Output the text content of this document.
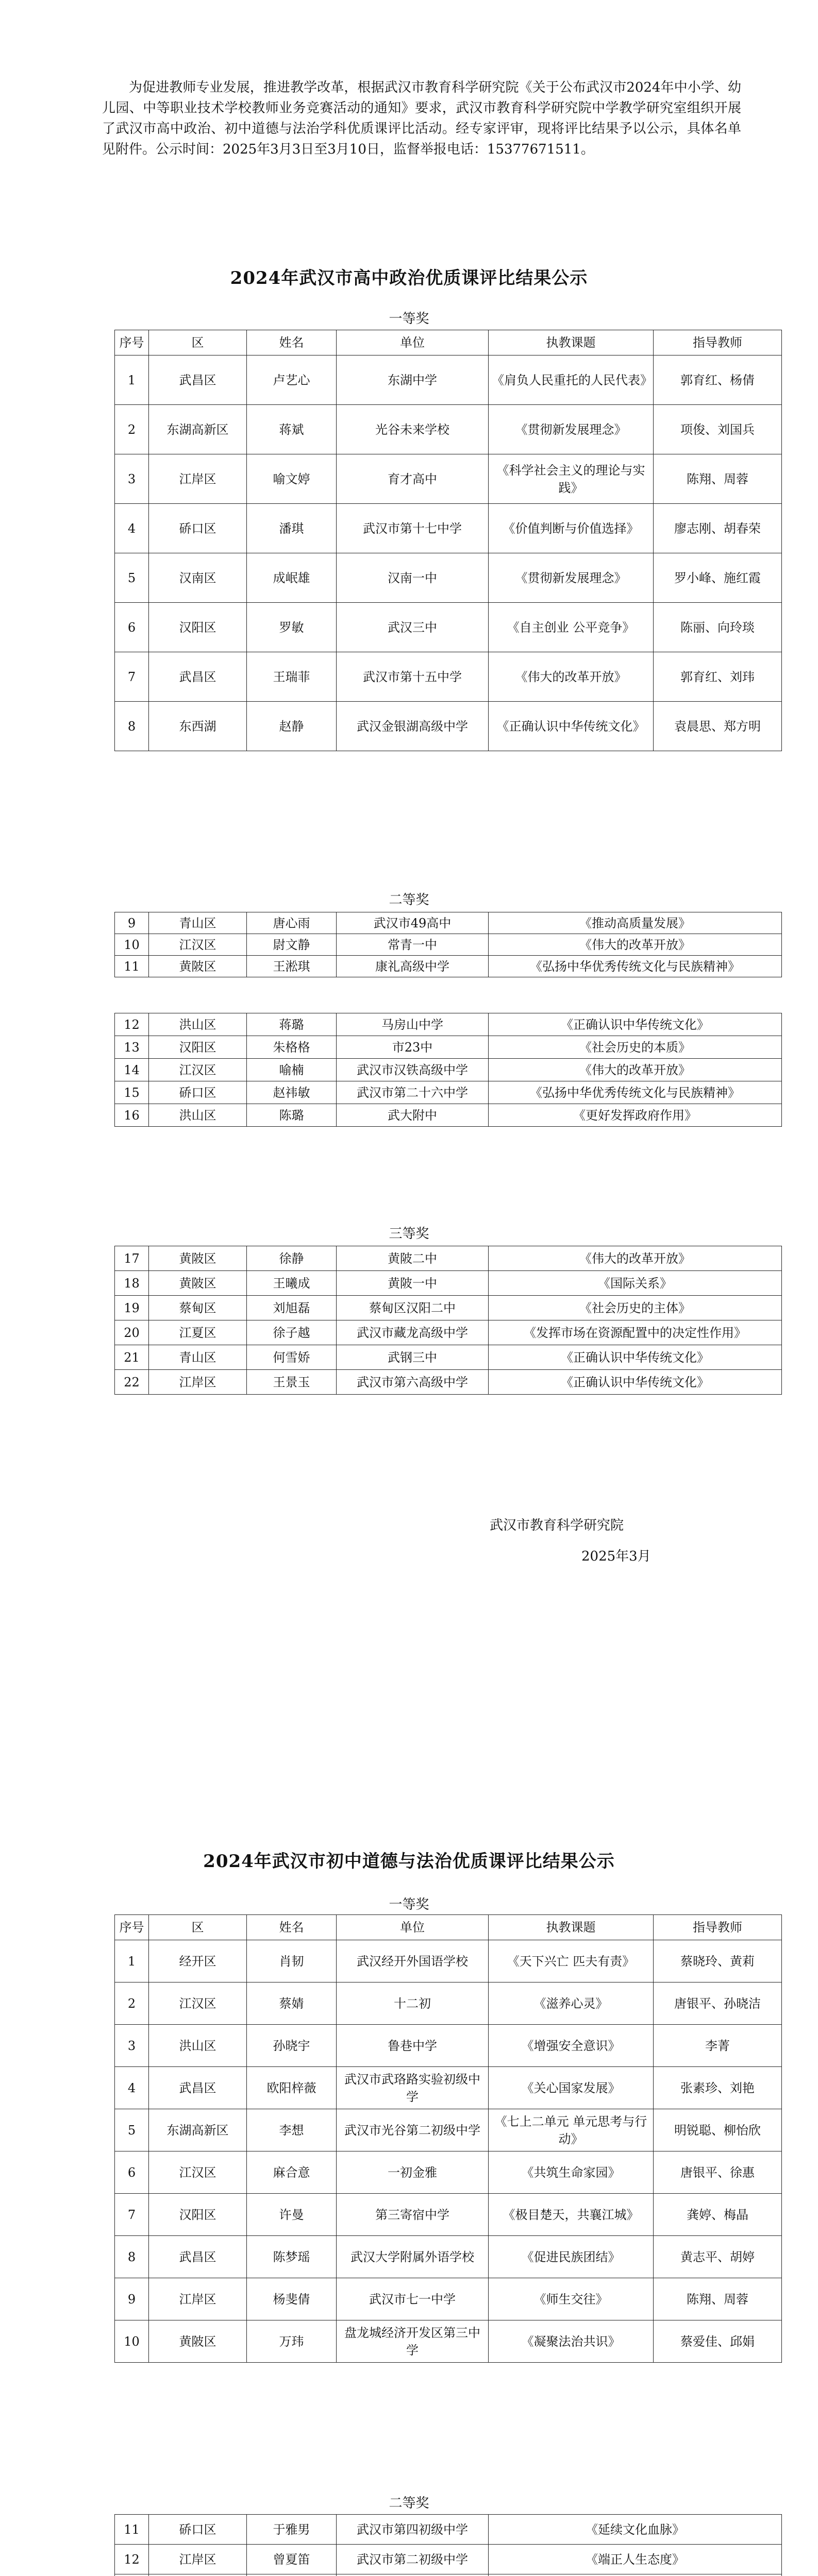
为促进教师专业发展，推进教学改革，根据武汉市教育科学研究院《关于公布武汉市2024年中小学、幼儿园、中等职业技术学校教师业务竞赛活动的通知》要求，武汉市教育科学研究院中学教学研究室组织开展了武汉市高中政治、初中道德与法治学科优质课评比活动。经专家评审，现将评比结果予以公示，具体名单见附件。公示时间：2025年3月3日至3月10日，监督举报电话：15377671511。
2024年武汉市高中政治优质课评比结果公示
一等奖
序号	区	姓名	单位	执教课题	指导教师
1	武昌区	卢艺心	东湖中学	《肩负人民重托的人民代表》	郭育红、杨倩
2	东湖高新区	蒋斌	光谷未来学校	《贯彻新发展理念》	项俊、刘国兵
3	江岸区	喻文婷	育才高中	《科学社会主义的理论与实践》	陈翔、周蓉
4	硚口区	潘琪	武汉市第十七中学	《价值判断与价值选择》	廖志刚、胡春荣
5	汉南区	成岷雄	汉南一中	《贯彻新发展理念》	罗小峰、施红霞
6	汉阳区	罗敏	武汉三中	《自主创业 公平竞争》	陈丽、向玲琰
7	武昌区	王瑞菲	武汉市第十五中学	《伟大的改革开放》	郭育红、刘玮
8	东西湖	赵静	武汉金银湖高级中学	《正确认识中华传统文化》	袁晨思、郑方明
二等奖
9	青山区	唐心雨	武汉市49高中	《推动高质量发展》
10	江汉区	尉文静	常青一中	《伟大的改革开放》
11	黄陂区	王淞琪	康礼高级中学	《弘扬中华优秀传统文化与民族精神》
12	洪山区	蒋璐	马房山中学	《正确认识中华传统文化》
13	汉阳区	朱格格	市23中	《社会历史的本质》
14	江汉区	喻楠	武汉市汉铁高级中学	《伟大的改革开放》
15	硚口区	赵祎敏	武汉市第二十六中学	《弘扬中华优秀传统文化与民族精神》
16	洪山区	陈璐	武大附中	《更好发挥政府作用》
三等奖
17	黄陂区	徐静	黄陂二中	《伟大的改革开放》
18	黄陂区	王曦成	黄陂一中	《国际关系》
19	蔡甸区	刘旭磊	蔡甸区汉阳二中	《社会历史的主体》
20	江夏区	徐子越	武汉市藏龙高级中学	《发挥市场在资源配置中的决定性作用》
21	青山区	何雪娇	武钢三中	《正确认识中华传统文化》
22	江岸区	王景玉	武汉市第六高级中学	《正确认识中华传统文化》
武汉市教育科学研究院
2025年3月
2024年武汉市初中道德与法治优质课评比结果公示
一等奖
序号	区	姓名	单位	执教课题	指导教师
1	经开区	肖韧	武汉经开外国语学校	《天下兴亡 匹夫有责》	蔡晓玲、黄莉
2	江汉区	蔡婧	十二初	《滋养心灵》	唐银平、孙晓洁
3	洪山区	孙晓宇	鲁巷中学	《增强安全意识》	李菁
4	武昌区	欧阳梓薇	武汉市武珞路实验初级中学	《关心国家发展》	张素珍、刘艳
5	东湖高新区	李想	武汉市光谷第二初级中学	《七上二单元 单元思考与行动》	明锐聪、柳怡欣
6	江汉区	麻合意	一初金雅	《共筑生命家园》	唐银平、徐惠
7	汉阳区	许曼	第三寄宿中学	《极目楚天，共襄江城》	龚婷、梅晶
8	武昌区	陈梦瑶	武汉大学附属外语学校	《促进民族团结》	黄志平、胡婷
9	江岸区	杨斐倩	武汉市七一中学	《师生交往》	陈翔、周蓉
10	黄陂区	万玮	盘龙城经济开发区第三中学	《凝聚法治共识》	蔡爱佳、邱娟
二等奖
11	硚口区	于雅男	武汉市第四初级中学	《延续文化血脉》
12	江岸区	曾夏笛	武汉市第二初级中学	《端正人生态度》
